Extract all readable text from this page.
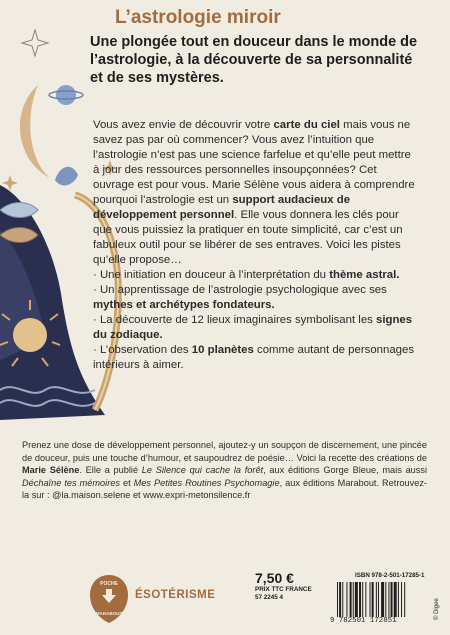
L’astrologie miroir

Une plongée tout en douceur dans le monde de l’astrologie, à la découverte de sa personnalité et de ses mystères.

Vous avez envie de découvrir votre carte du ciel mais vous ne savez pas par où commencer? Vous avez l’intuition que l’astrologie n’est pas une science farfelue et qu’elle peut mettre à jour des ressources personnelles insoupçonnées? Cet ouvrage est pour vous. Marie Sélène vous aidera à comprendre pourquoi l’astrologie est un support audacieux de développement personnel. Elle vous donnera les clés pour que vous puissiez la pratiquer en toute simplicité, car c’est un fabuleux outil pour se libérer de ses entraves. Voici les pistes qu’elle propose…

· Une initiation en douceur à l’interprétation du thème astral.

· Un apprentissage de l’astrologie psychologique avec ses mythes et archétypes fondateurs.

· La découverte de 12 lieux imaginaires symbolisant les signes du zodiaque.

· L’observation des 10 planètes comme autant de personnages intérieurs à aimer.

Prenez une dose de développement personnel, ajoutez-y un soupçon de discernement, une pincée de douceur, puis une touche d’humour, et saupoudrez de poésie… Voici la recette des créations de Marie Sélène. Elle a publié Le Silence qui cache la forêt, aux éditions Gorge Bleue, mais aussi Déchaîne tes mémoires et Mes Petites Routines Psychomagie, aux éditions Marabout. Retrouvez-la sur : @la.maison.selene et www.expri-metonsilence.fr

POCHE
MARABOUT
ÉSOTÉRISME
7,50 €
PRIX TTC FRANCE
57 2245 4
ISBN 978-2-501-17285-1
9 782501 172851
© Digee
